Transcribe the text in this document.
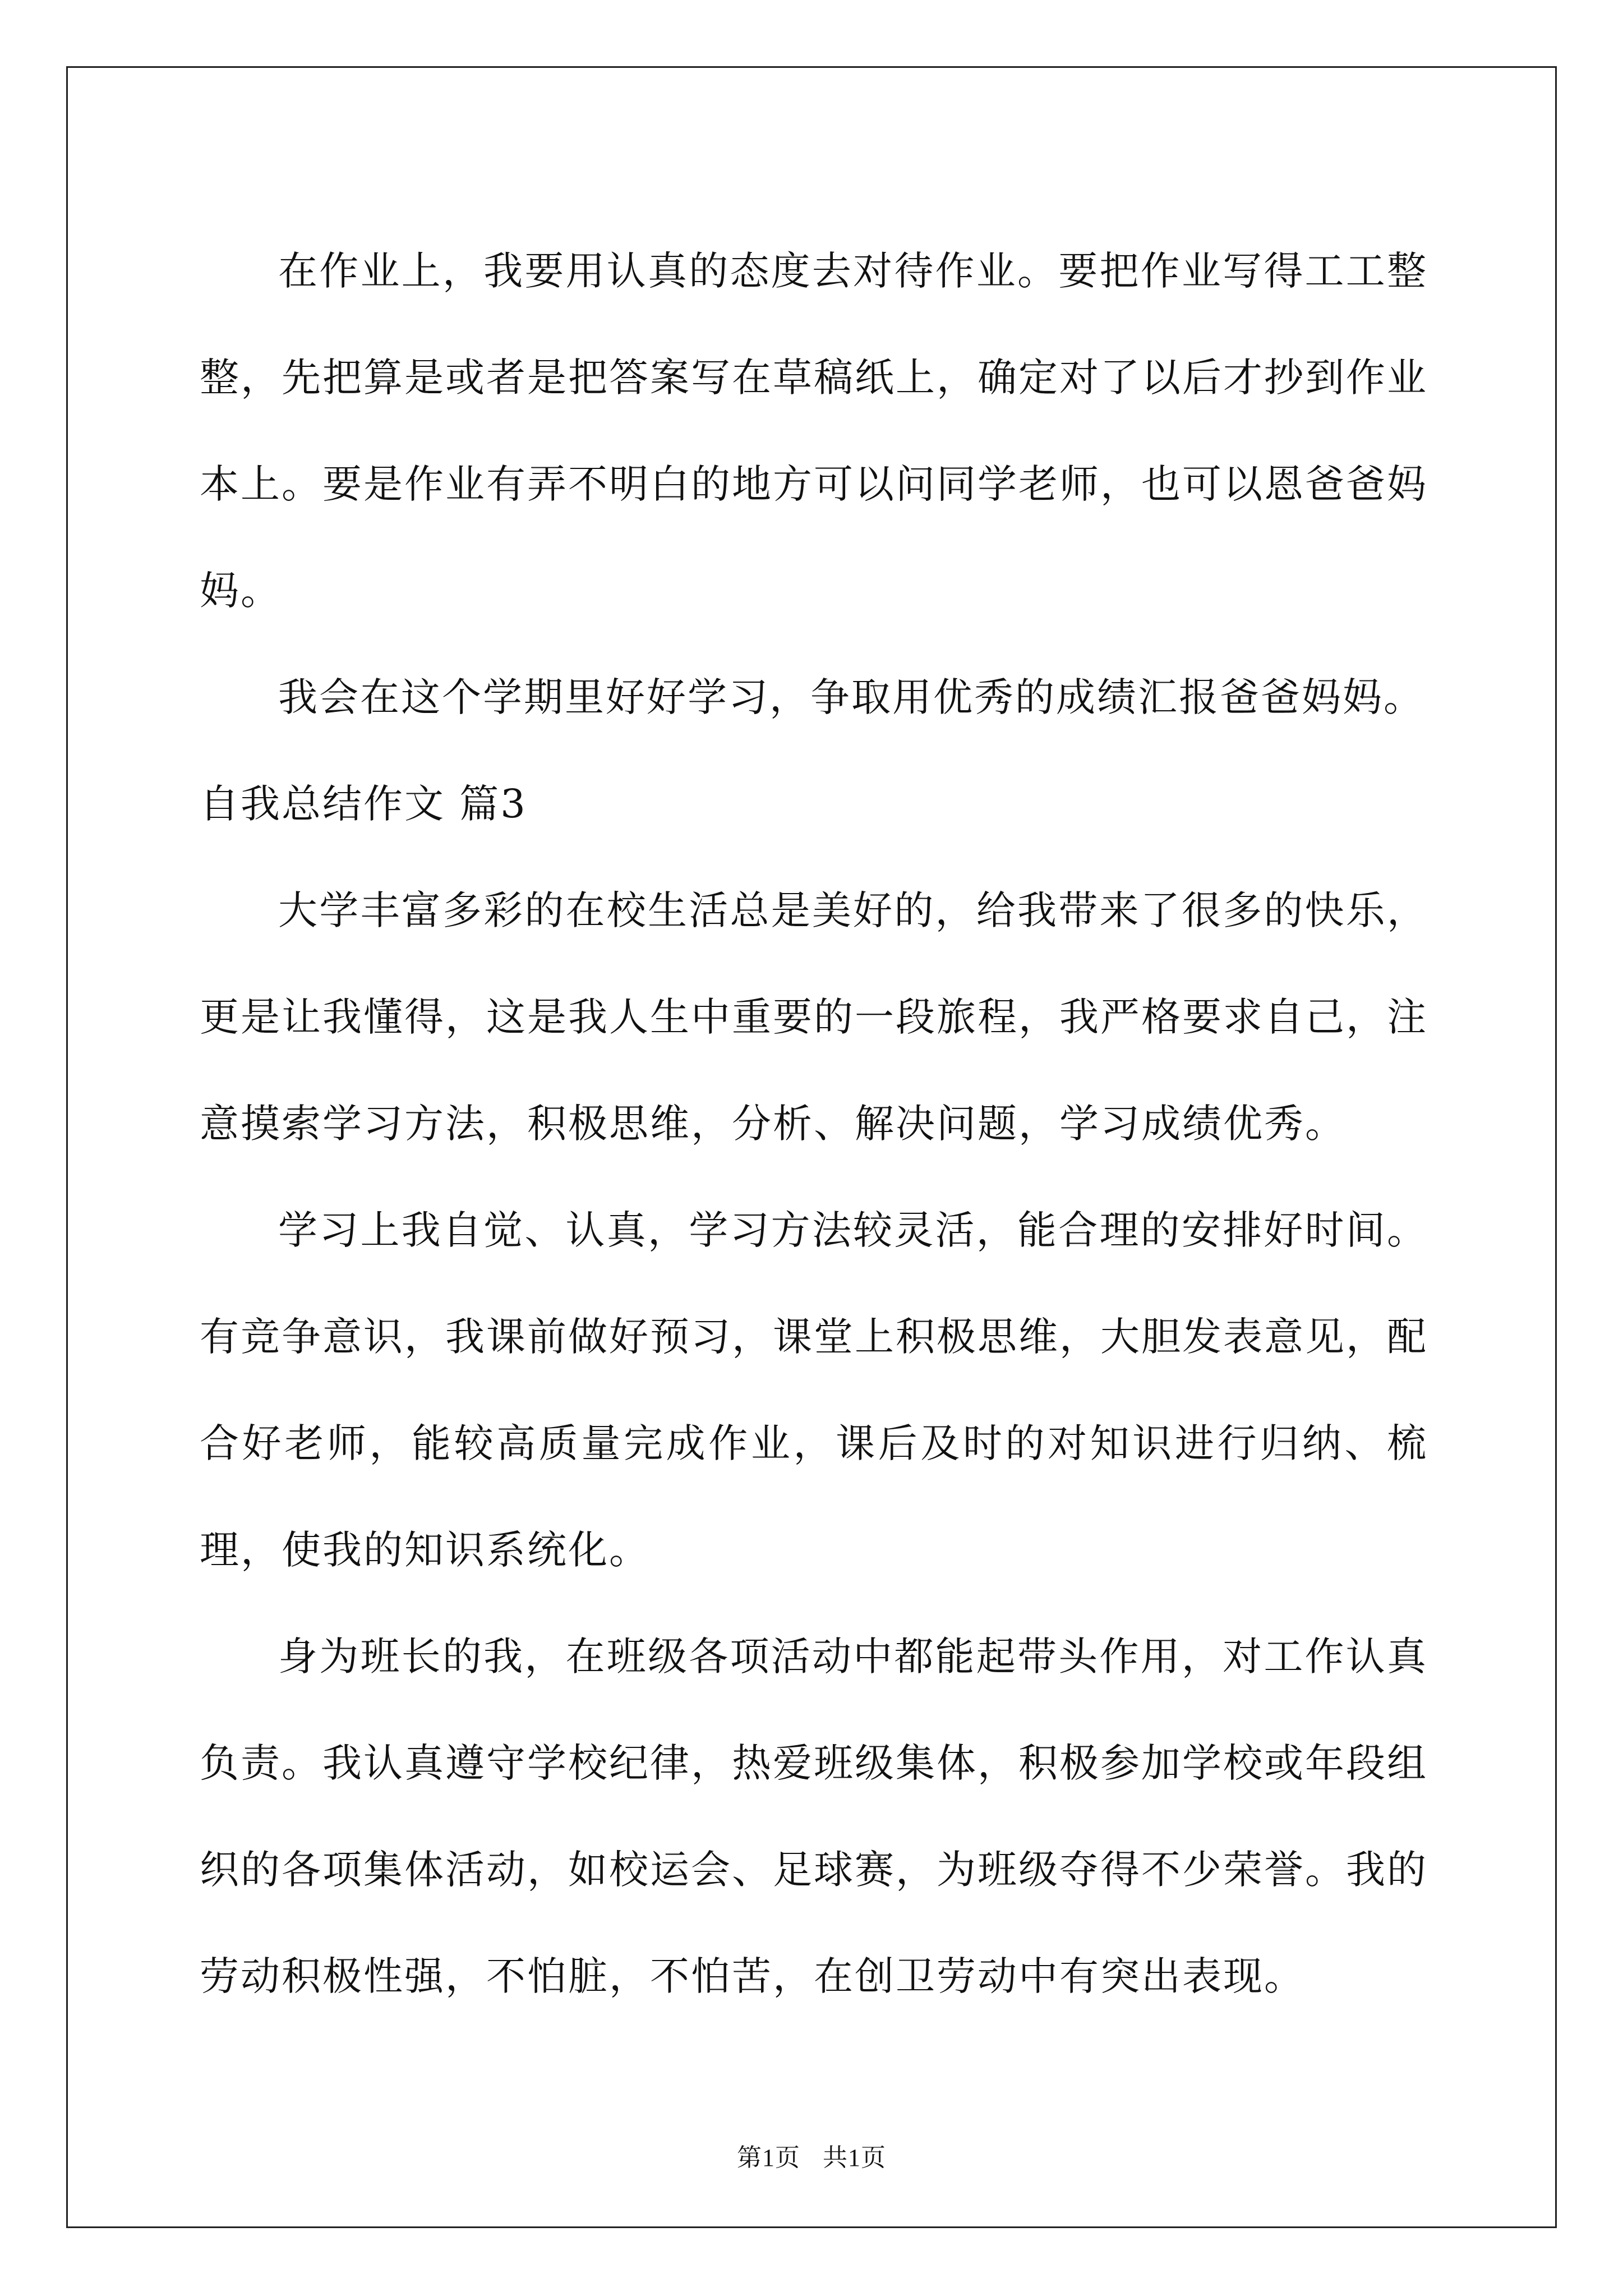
在作业上，我要用认真的态度去对待作业。要把作业写得工工整整，先把算是或者是把答案写在草稿纸上，确定对了以后才抄到作业本上。要是作业有弄不明白的地方可以问同学老师，也可以恩爸爸妈妈。

我会在这个学期里好好学习，争取用优秀的成绩汇报爸爸妈妈。

自我总结作文 篇3

大学丰富多彩的在校生活总是美好的，给我带来了很多的快乐，更是让我懂得，这是我人生中重要的一段旅程，我严格要求自己，注意摸索学习方法，积极思维，分析、解决问题，学习成绩优秀。

学习上我自觉、认真，学习方法较灵活，能合理的安排好时间。有竞争意识，我课前做好预习，课堂上积极思维，大胆发表意见，配合好老师，能较高质量完成作业，课后及时的对知识进行归纳、梳理，使我的知识系统化。

身为班长的我，在班级各项活动中都能起带头作用，对工作认真负责。我认真遵守学校纪律，热爱班级集体，积极参加学校或年段组织的各项集体活动，如校运会、足球赛，为班级夺得不少荣誉。我的劳动积极性强，不怕脏，不怕苦，在创卫劳动中有突出表现。

第1页 共1页
